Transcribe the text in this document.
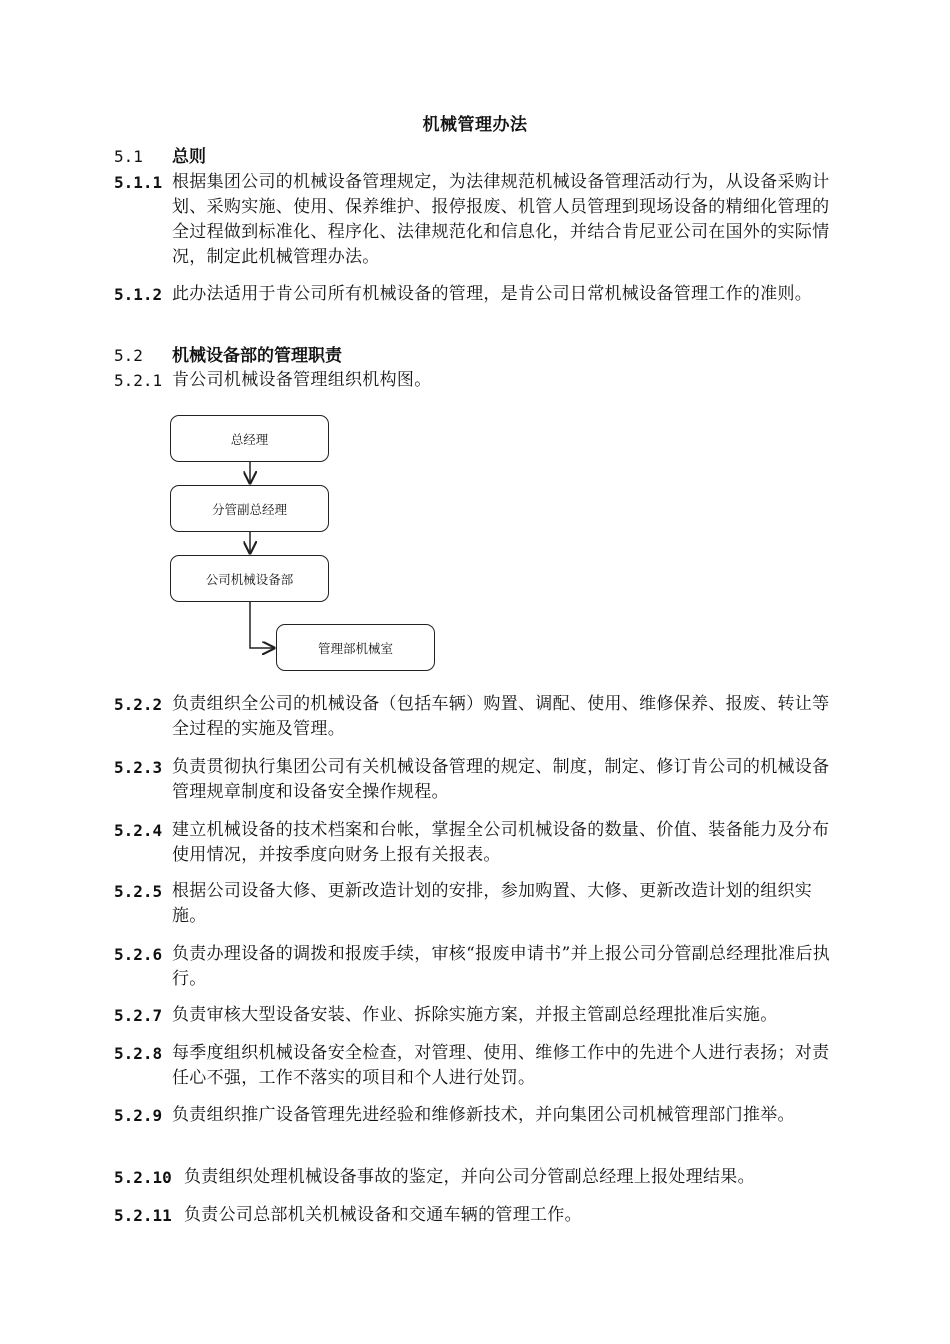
机械管理办法
5.1 总则
5.1.1 根据集团公司的机械设备管理规定，为法律规范机械设备管理活动行为，从设备采购计划、采购实施、使用、保养维护、报停报废、机管人员管理到现场设备的精细化管理的全过程做到标准化、程序化、法律规范化和信息化，并结合肯尼亚公司在国外的实际情况，制定此机械管理办法。
5.1.2 此办法适用于肯公司所有机械设备的管理，是肯公司日常机械设备管理工作的准则。
5.2 机械设备部的管理职责
5.2.1 肯公司机械设备管理组织机构图。
总经理
分管副总经理
公司机械设备部
管理部机械室
5.2.2 负责组织全公司的机械设备（包括车辆）购置、调配、使用、维修保养、报废、转让等全过程的实施及管理。
5.2.3 负责贯彻执行集团公司有关机械设备管理的规定、制度，制定、修订肯公司的机械设备管理规章制度和设备安全操作规程。
5.2.4 建立机械设备的技术档案和台帐，掌握全公司机械设备的数量、价值、装备能力及分布使用情况，并按季度向财务上报有关报表。
5.2.5 根据公司设备大修、更新改造计划的安排，参加购置、大修、更新改造计划的组织实施。
5.2.6 负责办理设备的调拨和报废手续，审核“报废申请书”并上报公司分管副总经理批准后执行。
5.2.7 负责审核大型设备安装、作业、拆除实施方案，并报主管副总经理批准后实施。
5.2.8 每季度组织机械设备安全检查，对管理、使用、维修工作中的先进个人进行表扬；对责任心不强，工作不落实的项目和个人进行处罚。
5.2.9 负责组织推广设备管理先进经验和维修新技术，并向集团公司机械管理部门推举。
5.2.10 负责组织处理机械设备事故的鉴定，并向公司分管副总经理上报处理结果。
5.2.11 负责公司总部机关机械设备和交通车辆的管理工作。
